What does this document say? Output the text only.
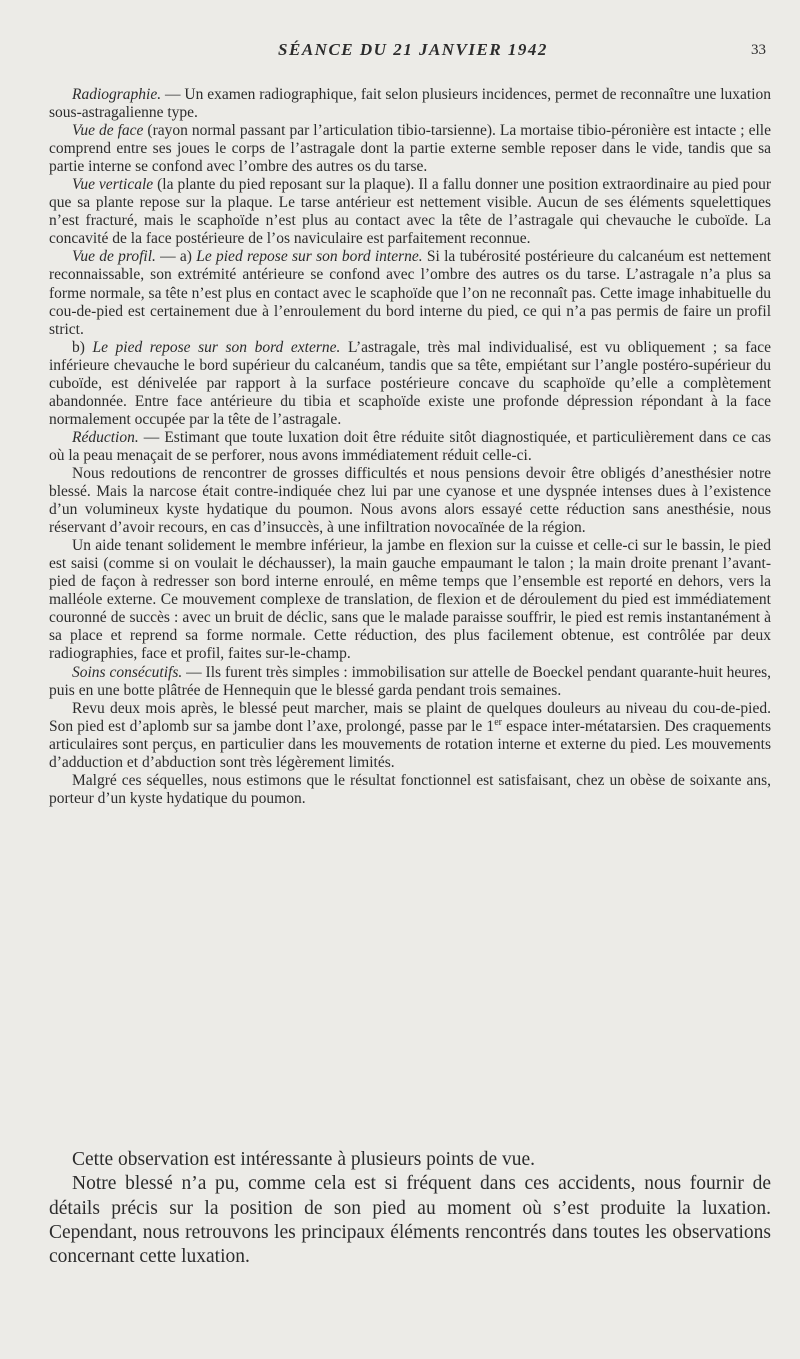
SÉANCE DU 21 JANVIER 1942	33

Radiographie. — Un examen radiographique, fait selon plusieurs incidences, permet de reconnaître une luxation sous-astragalienne type.

Vue de face (rayon normal passant par l’articulation tibio-tarsienne). La mortaise tibio-péronière est intacte ; elle comprend entre ses joues le corps de l’astragale dont la partie externe semble reposer dans le vide, tandis que sa partie interne se confond avec l’ombre des autres os du tarse.

Vue verticale (la plante du pied reposant sur la plaque). Il a fallu donner une position extraordinaire au pied pour que sa plante repose sur la plaque. Le tarse antérieur est nettement visible. Aucun de ses éléments squelettiques n’est fracturé, mais le scaphoïde n’est plus au contact avec la tête de l’astragale qui chevauche le cuboïde. La concavité de la face postérieure de l’os naviculaire est parfaitement reconnue.

Vue de profil. — a) Le pied repose sur son bord interne. Si la tubérosité postérieure du calcanéum est nettement reconnaissable, son extrémité antérieure se confond avec l’ombre des autres os du tarse. L’astragale n’a plus sa forme normale, sa tête n’est plus en contact avec le scaphoïde que l’on ne reconnaît pas. Cette image inhabituelle du cou-de-pied est certainement due à l’enroulement du bord interne du pied, ce qui n’a pas permis de faire un profil strict.

b) Le pied repose sur son bord externe. L’astragale, très mal individualisé, est vu obliquement ; sa face inférieure chevauche le bord supérieur du calcanéum, tandis que sa tête, empiétant sur l’angle postéro-supérieur du cuboïde, est dénivelée par rapport à la surface postérieure concave du scaphoïde qu’elle a complètement abandonnée. Entre face antérieure du tibia et scaphoïde existe une profonde dépression répondant à la face normalement occupée par la tête de l’astragale.

Réduction. — Estimant que toute luxation doit être réduite sitôt diagnostiquée, et particulièrement dans ce cas où la peau menaçait de se perforer, nous avons immédiatement réduit celle-ci.

Nous redoutions de rencontrer de grosses difficultés et nous pensions devoir être obligés d’anesthésier notre blessé. Mais la narcose était contre-indiquée chez lui par une cyanose et une dyspnée intenses dues à l’existence d’un volumineux kyste hydatique du poumon. Nous avons alors essayé cette réduction sans anesthésie, nous réservant d’avoir recours, en cas d’insuccès, à une infiltration novocaïnée de la région.

Un aide tenant solidement le membre inférieur, la jambe en flexion sur la cuisse et celle-ci sur le bassin, le pied est saisi (comme si on voulait le déchausser), la main gauche empaumant le talon ; la main droite prenant l’avant-pied de façon à redresser son bord interne enroulé, en même temps que l’ensemble est reporté en dehors, vers la malléole externe. Ce mouvement complexe de translation, de flexion et de déroulement du pied est immédiatement couronné de succès : avec un bruit de déclic, sans que le malade paraisse souffrir, le pied est remis instantanément à sa place et reprend sa forme normale. Cette réduction, des plus facilement obtenue, est contrôlée par deux radiographies, face et profil, faites sur-le-champ.

Soins consécutifs. — Ils furent très simples : immobilisation sur attelle de Boeckel pendant quarante-huit heures, puis en une botte plâtrée de Hennequin que le blessé garda pendant trois semaines.

Revu deux mois après, le blessé peut marcher, mais se plaint de quelques douleurs au niveau du cou-de-pied. Son pied est d’aplomb sur sa jambe dont l’axe, prolongé, passe par le 1er espace inter-métatarsien. Des craquements articulaires sont perçus, en particulier dans les mouvements de rotation interne et externe du pied. Les mouvements d’adduction et d’abduction sont très légèrement limités.

Malgré ces séquelles, nous estimons que le résultat fonctionnel est satisfaisant, chez un obèse de soixante ans, porteur d’un kyste hydatique du poumon.

Cette observation est intéressante à plusieurs points de vue.

Notre blessé n’a pu, comme cela est si fréquent dans ces accidents, nous fournir de détails précis sur la position de son pied au moment où s’est produite la luxation. Cependant, nous retrouvons les principaux éléments rencontrés dans toutes les observations concernant cette luxation.
